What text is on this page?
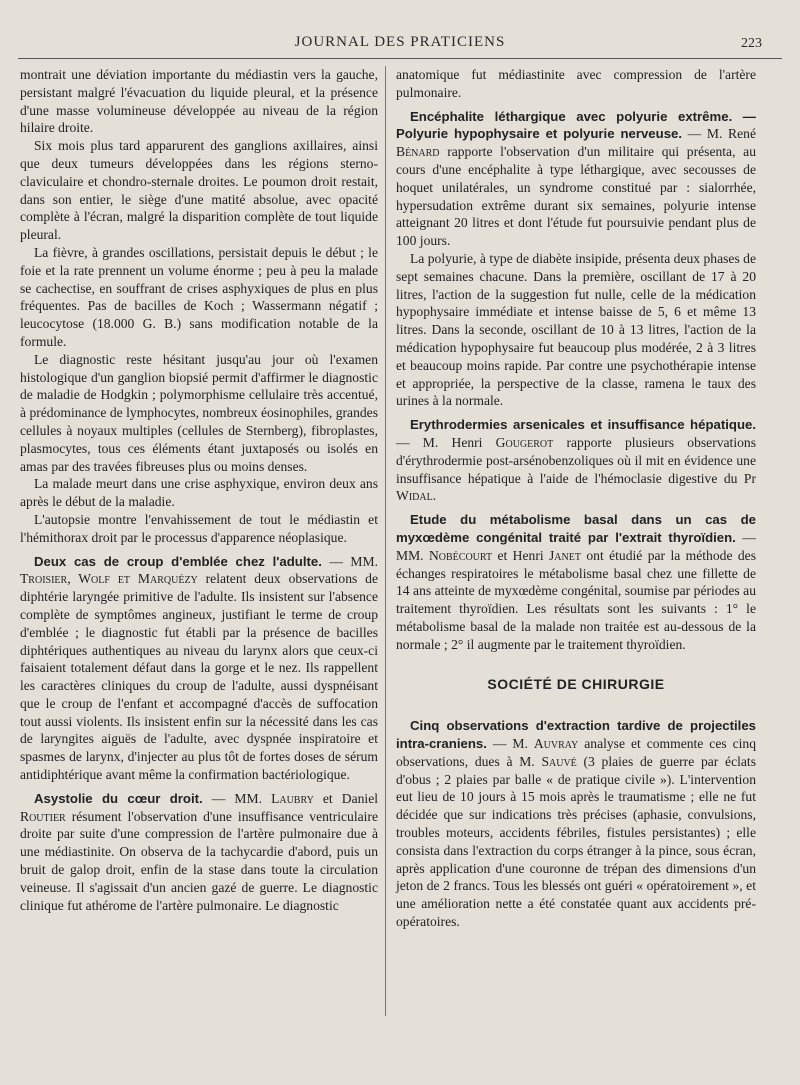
JOURNAL DES PRATICIENS	223

montrait une déviation importante du médiastin vers la gauche, persistant malgré l'évacuation du liquide pleural, et la présence d'une masse volumineuse développée au niveau de la région hilaire droite.

Six mois plus tard apparurent des ganglions axillaires, ainsi que deux tumeurs développées dans les régions sterno-claviculaire et chondro-sternale droites. Le poumon droit restait, dans son entier, le siège d'une matité absolue, avec opacité complète à l'écran, malgré la disparition complète de tout liquide pleural.

La fièvre, à grandes oscillations, persistait depuis le début ; le foie et la rate prennent un volume énorme ; peu à peu la malade se cachectise, en souffrant de crises asphyxiques de plus en plus fréquentes. Pas de bacilles de Koch ; Wassermann négatif ; leucocytose (18.000 G. B.) sans modification notable de la formule.

Le diagnostic reste hésitant jusqu'au jour où l'examen histologique d'un ganglion biopsié permit d'affirmer le diagnostic de maladie de Hodgkin ; polymorphisme cellulaire très accentué, à prédominance de lymphocytes, nombreux éosinophiles, grandes cellules à noyaux multiples (cellules de Sternberg), fibroplastes, plasmocytes, tous ces éléments étant juxtaposés ou isolés en amas par des travées fibreuses plus ou moins denses.

La malade meurt dans une crise asphyxique, environ deux ans après le début de la maladie.

L'autopsie montre l'envahissement de tout le médiastin et l'hémithorax droit par le processus d'apparence néoplasique.

Deux cas de croup d'emblée chez l'adulte. — MM. Troisier, Wolf et Marquézy relatent deux observations de diphtérie laryngée primitive de l'adulte. Ils insistent sur l'absence complète de symptômes angineux, justifiant le terme de croup d'emblée ; le diagnostic fut établi par la présence de bacilles diphtériques authentiques au niveau du larynx alors que ceux-ci faisaient totalement défaut dans la gorge et le nez. Ils rappellent les caractères cliniques du croup de l'adulte, aussi dyspnéisant que le croup de l'enfant et accompagné d'accès de suffocation tout aussi violents. Ils insistent enfin sur la nécessité dans les cas de laryngites aiguës de l'adulte, avec dyspnée inspiratoire et spasmes de larynx, d'injecter au plus tôt de fortes doses de sérum antidiphtérique avant même la confirmation bactériologique.

Asystolie du cœur droit. — MM. Laubry et Daniel Routier résument l'observation d'une insuffisance ventriculaire droite par suite d'une compression de l'artère pulmonaire due à une médiastinite. On observa de la tachycardie d'abord, puis un bruit de galop droit, enfin de la stase dans toute la circulation veineuse. Il s'agissait d'un ancien gazé de guerre. Le diagnostic clinique fut athérome de l'artère pulmonaire. Le diagnostic

anatomique fut médiastinite avec compression de l'artère pulmonaire.

Encéphalite léthargique avec polyurie extrême. — Polyurie hypophysaire et polyurie nerveuse. — M. René Bénard rapporte l'observation d'un militaire qui présenta, au cours d'une encéphalite à type léthargique, avec secousses de hoquet unilatérales, un syndrome constitué par : sialorrhée, hypersudation extrême durant six semaines, polyurie intense atteignant 20 litres et dont l'étude fut poursuivie pendant plus de 100 jours.

La polyurie, à type de diabète insipide, présenta deux phases de sept semaines chacune. Dans la première, oscillant de 17 à 20 litres, l'action de la suggestion fut nulle, celle de la médication hypophysaire immédiate et intense baisse de 5, 6 et même 13 litres. Dans la seconde, oscillant de 10 à 13 litres, l'action de la médication hypophysaire fut beaucoup plus modérée, 2 à 3 litres et beaucoup moins rapide. Par contre une psychothérapie intense et appropriée, la perspective de la classe, ramena le taux des urines à la normale.

Erythrodermies arsenicales et insuffisance hépatique. — M. Henri Gougerot rapporte plusieurs observations d'érythrodermie post-arsénobenzoliques où il mit en évidence une insuffisance hépatique à l'aide de l'hémoclasie digestive du Pr Widal.

Etude du métabolisme basal dans un cas de myxœdème congénital traité par l'extrait thyroïdien. — MM. Nobécourt et Henri Janet ont étudié par la méthode des échanges respiratoires le métabolisme basal chez une fillette de 14 ans atteinte de myxœdème congénital, soumise par périodes au traitement thyroïdien. Les résultats sont les suivants : 1° le métabolisme basal de la malade non traitée est au-dessous de la normale ; 2° il augmente par le traitement thyroïdien.

SOCIÉTÉ DE CHIRURGIE

Cinq observations d'extraction tardive de projectiles intra-craniens. — M. Auvray analyse et commente ces cinq observations, dues à M. Sauvé (3 plaies de guerre par éclats d'obus ; 2 plaies par balle « de pratique civile »). L'intervention eut lieu de 10 jours à 15 mois après le traumatisme ; elle ne fut décidée que sur indications très précises (aphasie, convulsions, troubles moteurs, accidents fébriles, fistules persistantes) ; elle consista dans l'extraction du corps étranger à la pince, sous écran, après application d'une couronne de trépan des dimensions d'un jeton de 2 francs. Tous les blessés ont guéri « opératoirement », et une amélioration nette a été constatée quant aux accidents pré-opératoires.
